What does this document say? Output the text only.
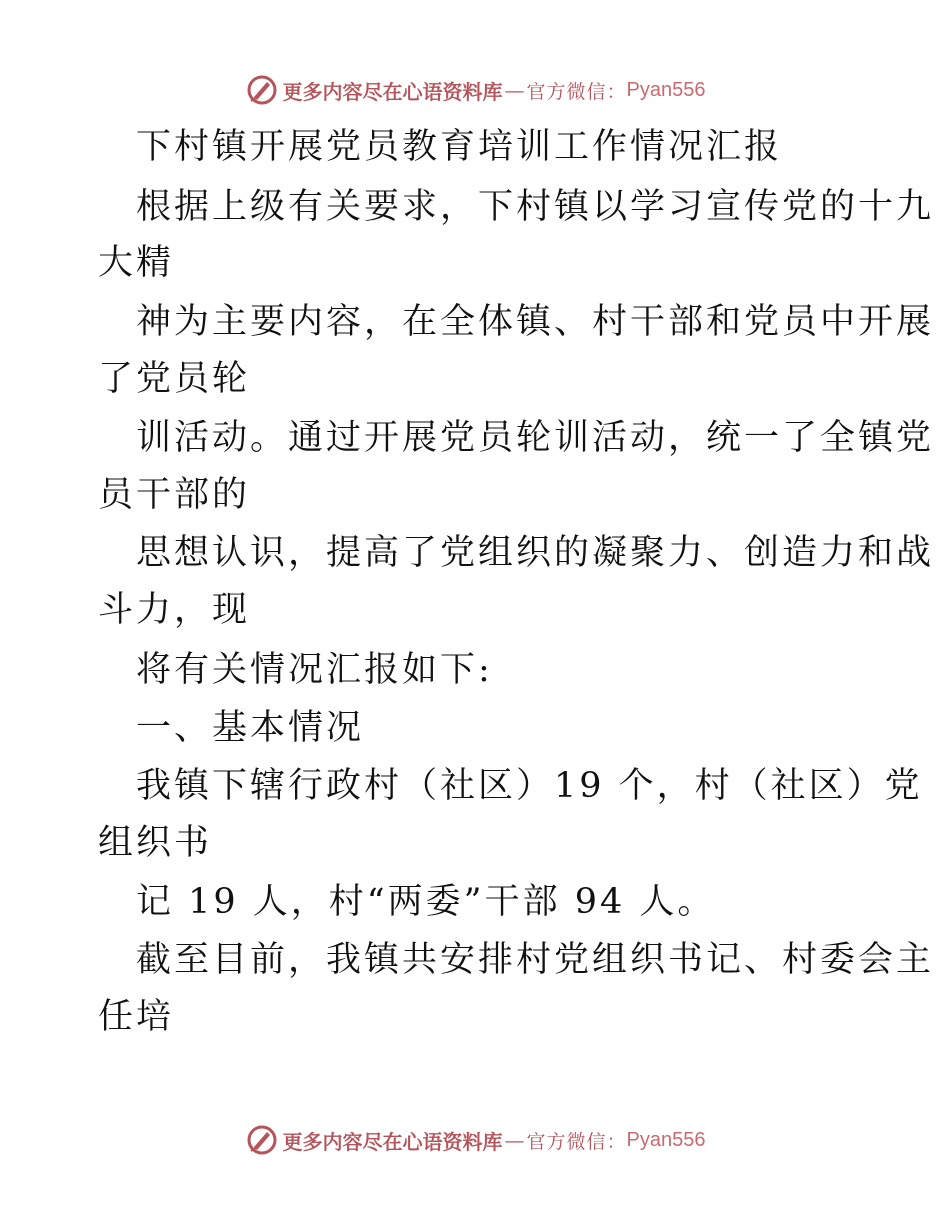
更多内容尽在心语资料库 — 官方微信： Pyan556
下村镇开展党员教育培训工作情况汇报
根据上级有关要求，下村镇以学习宣传党的十九
大精
神为主要内容，在全体镇、村干部和党员中开展
了党员轮
训活动。通过开展党员轮训活动，统一了全镇党
员干部的
思想认识，提高了党组织的凝聚力、创造力和战
斗力，现
将有关情况汇报如下:
一、基本情况
我镇下辖行政村（社区）19 个，村（社区）党
组织书
记 19 人，村“两委”干部 94 人。
截至目前，我镇共安排村党组织书记、村委会主
任培
更多内容尽在心语资料库 — 官方微信： Pyan556
